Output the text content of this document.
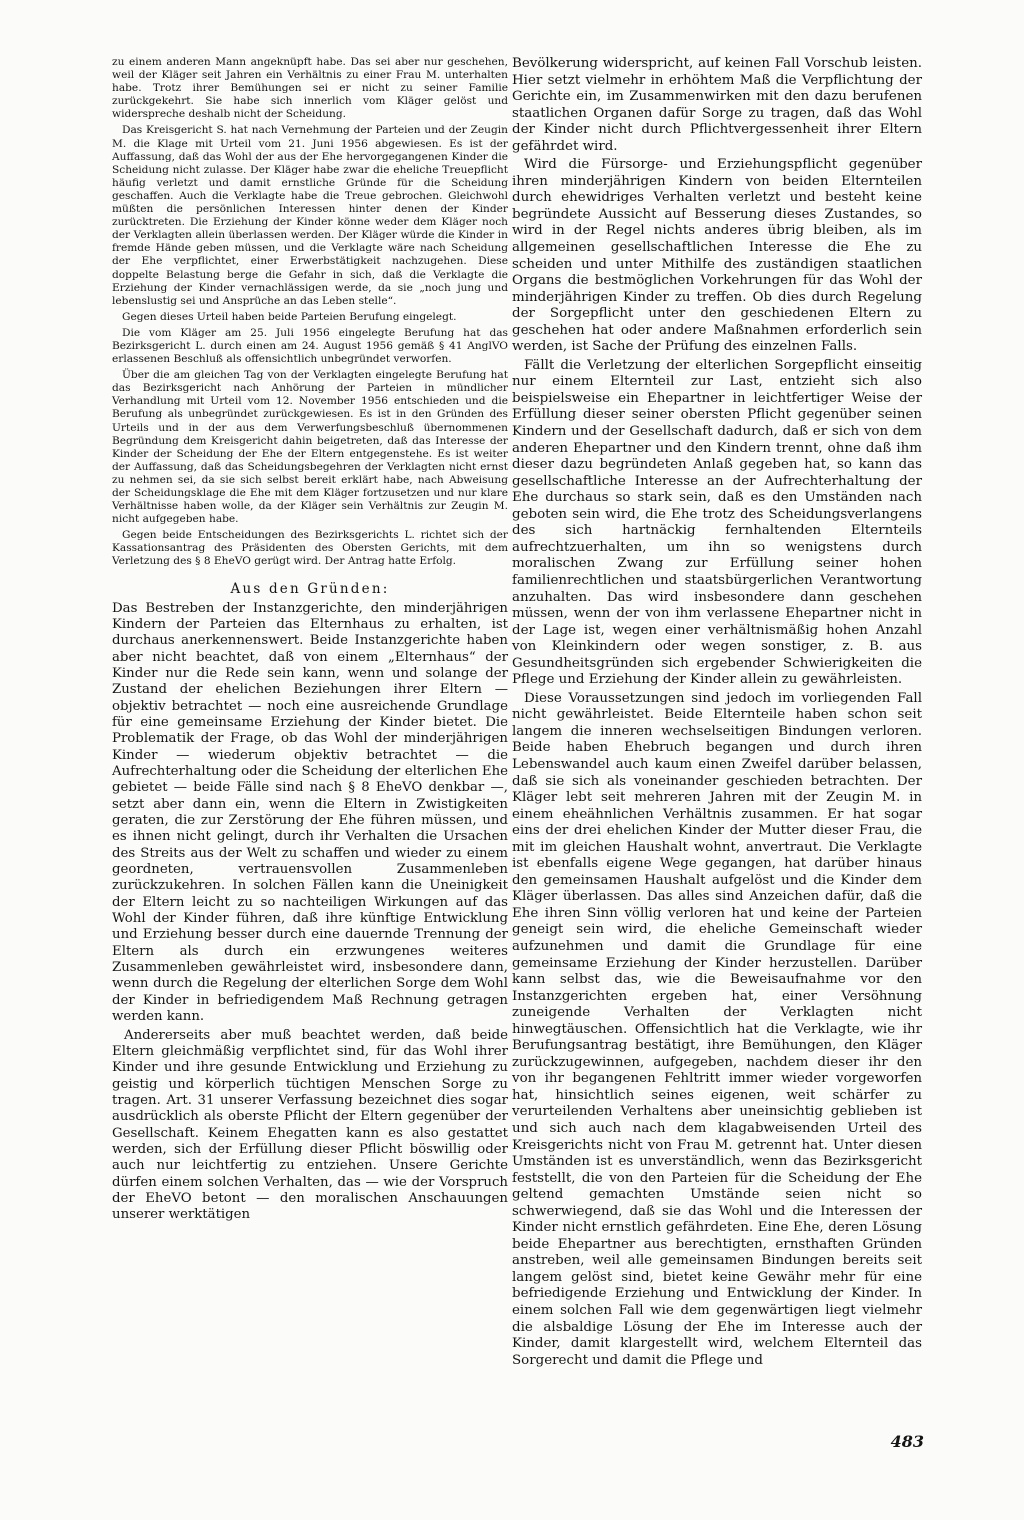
zu einem anderen Mann angeknüpft habe. Das sei aber nur geschehen, weil der Kläger seit Jahren ein Verhältnis zu einer Frau M. unterhalten habe. Trotz ihrer Bemühungen sei er nicht zu seiner Familie zurückgekehrt. Sie habe sich innerlich vom Kläger gelöst und widerspreche deshalb nicht der Scheidung.

Das Kreisgericht S. hat nach Vernehmung der Parteien und der Zeugin M. die Klage mit Urteil vom 21. Juni 1956 abgewiesen. Es ist der Auffassung, daß das Wohl der aus der Ehe hervorgegangenen Kinder die Scheidung nicht zulasse. Der Kläger habe zwar die eheliche Treuepflicht häufig verletzt und damit ernstliche Gründe für die Scheidung geschaffen. Auch die Verklagte habe die Treue gebrochen. Gleichwohl müßten die persönlichen Interessen hinter denen der Kinder zurücktreten. Die Erziehung der Kinder könne weder dem Kläger noch der Verklagten allein überlassen werden. Der Kläger würde die Kinder in fremde Hände geben müssen, und die Verklagte wäre nach Scheidung der Ehe verpflichtet, einer Erwerbstätigkeit nachzugehen. Diese doppelte Belastung berge die Gefahr in sich, daß die Verklagte die Erziehung der Kinder vernachlässigen werde, da sie „noch jung und lebenslustig sei und Ansprüche an das Leben stelle“.

Gegen dieses Urteil haben beide Parteien Berufung eingelegt.

Die vom Kläger am 25. Juli 1956 eingelegte Berufung hat das Bezirksgericht L. durch einen am 24. August 1956 gemäß § 41 AnglVO erlassenen Beschluß als offensichtlich unbegründet verworfen.

Über die am gleichen Tag von der Verklagten eingelegte Berufung hat das Bezirksgericht nach Anhörung der Parteien in mündlicher Verhandlung mit Urteil vom 12. November 1956 entschieden und die Berufung als unbegründet zurückgewiesen. Es ist in den Gründen des Urteils und in der aus dem Verwerfungsbeschluß übernommenen Begründung dem Kreisgericht dahin beigetreten, daß das Interesse der Kinder der Scheidung der Ehe der Eltern entgegenstehe. Es ist weiter der Auffassung, daß das Scheidungsbegehren der Verklagten nicht ernst zu nehmen sei, da sie sich selbst bereit erklärt habe, nach Abweisung der Scheidungsklage die Ehe mit dem Kläger fortzusetzen und nur klare Verhältnisse haben wolle, da der Kläger sein Verhältnis zur Zeugin M. nicht aufgegeben habe.

Gegen beide Entscheidungen des Bezirksgerichts L. richtet sich der Kassationsantrag des Präsidenten des Obersten Gerichts, mit dem Verletzung des § 8 EheVO gerügt wird. Der Antrag hatte Erfolg.

Aus den Gründen:

Das Bestreben der Instanzgerichte, den minderjährigen Kindern der Parteien das Elternhaus zu erhalten, ist durchaus anerkennenswert. Beide Instanzgerichte haben aber nicht beachtet, daß von einem „Elternhaus“ der Kinder nur die Rede sein kann, wenn und solange der Zustand der ehelichen Beziehungen ihrer Eltern — objektiv betrachtet — noch eine ausreichende Grundlage für eine gemeinsame Erziehung der Kinder bietet. Die Problematik der Frage, ob das Wohl der minderjährigen Kinder — wiederum objektiv betrachtet — die Aufrechterhaltung oder die Scheidung der elterlichen Ehe gebietet — beide Fälle sind nach § 8 EheVO denkbar —, setzt aber dann ein, wenn die Eltern in Zwistigkeiten geraten, die zur Zerstörung der Ehe führen müssen, und es ihnen nicht gelingt, durch ihr Verhalten die Ursachen des Streits aus der Welt zu schaffen und wieder zu einem geordneten, vertrauensvollen Zusammenleben zurückzukehren. In solchen Fällen kann die Uneinigkeit der Eltern leicht zu so nachteiligen Wirkungen auf das Wohl der Kinder führen, daß ihre künftige Entwicklung und Erziehung besser durch eine dauernde Trennung der Eltern als durch ein erzwungenes weiteres Zusammenleben gewährleistet wird, insbesondere dann, wenn durch die Regelung der elterlichen Sorge dem Wohl der Kinder in befriedigendem Maß Rechnung getragen werden kann.

Andererseits aber muß beachtet werden, daß beide Eltern gleichmäßig verpflichtet sind, für das Wohl ihrer Kinder und ihre gesunde Entwicklung und Erziehung zu geistig und körperlich tüchtigen Menschen Sorge zu tragen. Art. 31 unserer Verfassung bezeichnet dies sogar ausdrücklich als oberste Pflicht der Eltern gegenüber der Gesellschaft. Keinem Ehegatten kann es also gestattet werden, sich der Erfüllung dieser Pflicht böswillig oder auch nur leichtfertig zu entziehen. Unsere Gerichte dürfen einem solchen Verhalten, das — wie der Vorspruch der EheVO betont — den moralischen Anschauungen unserer werktätigen

Bevölkerung widerspricht, auf keinen Fall Vorschub leisten. Hier setzt vielmehr in erhöhtem Maß die Verpflichtung der Gerichte ein, im Zusammenwirken mit den dazu berufenen staatlichen Organen dafür Sorge zu tragen, daß das Wohl der Kinder nicht durch Pflichtvergessenheit ihrer Eltern gefährdet wird.

Wird die Fürsorge- und Erziehungspflicht gegenüber ihren minderjährigen Kindern von beiden Elternteilen durch ehewidriges Verhalten verletzt und besteht keine begründete Aussicht auf Besserung dieses Zustandes, so wird in der Regel nichts anderes übrig bleiben, als im allgemeinen gesellschaftlichen Interesse die Ehe zu scheiden und unter Mithilfe des zuständigen staatlichen Organs die bestmöglichen Vorkehrungen für das Wohl der minderjährigen Kinder zu treffen. Ob dies durch Regelung der Sorgepflicht unter den geschiedenen Eltern zu geschehen hat oder andere Maßnahmen erforderlich sein werden, ist Sache der Prüfung des einzelnen Falls.

Fällt die Verletzung der elterlichen Sorgepflicht einseitig nur einem Elternteil zur Last, entzieht sich also beispielsweise ein Ehepartner in leichtfertiger Weise der Erfüllung dieser seiner obersten Pflicht gegenüber seinen Kindern und der Gesellschaft dadurch, daß er sich von dem anderen Ehepartner und den Kindern trennt, ohne daß ihm dieser dazu begründeten Anlaß gegeben hat, so kann das gesellschaftliche Interesse an der Aufrechterhaltung der Ehe durchaus so stark sein, daß es den Umständen nach geboten sein wird, die Ehe trotz des Scheidungsverlangens des sich hartnäckig fernhaltenden Elternteils aufrechtzuerhalten, um ihn so wenigstens durch moralischen Zwang zur Erfüllung seiner hohen familienrechtlichen und staatsbürgerlichen Verantwortung anzuhalten. Das wird insbesondere dann geschehen müssen, wenn der von ihm verlassene Ehepartner nicht in der Lage ist, wegen einer verhältnismäßig hohen Anzahl von Kleinkindern oder wegen sonstiger, z. B. aus Gesundheitsgründen sich ergebender Schwierigkeiten die Pflege und Erziehung der Kinder allein zu gewährleisten.

Diese Voraussetzungen sind jedoch im vorliegenden Fall nicht gewährleistet. Beide Elternteile haben schon seit langem die inneren wechselseitigen Bindungen verloren. Beide haben Ehebruch begangen und durch ihren Lebenswandel auch kaum einen Zweifel darüber belassen, daß sie sich als voneinander geschieden betrachten. Der Kläger lebt seit mehreren Jahren mit der Zeugin M. in einem eheähnlichen Verhältnis zusammen. Er hat sogar eins der drei ehelichen Kinder der Mutter dieser Frau, die mit im gleichen Haushalt wohnt, anvertraut. Die Verklagte ist ebenfalls eigene Wege gegangen, hat darüber hinaus den gemeinsamen Haushalt aufgelöst und die Kinder dem Kläger überlassen. Das alles sind Anzeichen dafür, daß die Ehe ihren Sinn völlig verloren hat und keine der Parteien geneigt sein wird, die eheliche Gemeinschaft wieder aufzunehmen und damit die Grundlage für eine gemeinsame Erziehung der Kinder herzustellen. Darüber kann selbst das, wie die Beweisaufnahme vor den Instanzgerichten ergeben hat, einer Versöhnung zuneigende Verhalten der Verklagten nicht hinwegtäuschen. Offensichtlich hat die Verklagte, wie ihr Berufungsantrag bestätigt, ihre Bemühungen, den Kläger zurückzugewinnen, aufgegeben, nachdem dieser ihr den von ihr begangenen Fehltritt immer wieder vorgeworfen hat, hinsichtlich seines eigenen, weit schärfer zu verurteilenden Verhaltens aber uneinsichtig geblieben ist und sich auch nach dem klagabweisenden Urteil des Kreisgerichts nicht von Frau M. getrennt hat. Unter diesen Umständen ist es unverständlich, wenn das Bezirksgericht feststellt, die von den Parteien für die Scheidung der Ehe geltend gemachten Umstände seien nicht so schwerwiegend, daß sie das Wohl und die Interessen der Kinder nicht ernstlich gefährdeten. Eine Ehe, deren Lösung beide Ehepartner aus berechtigten, ernsthaften Gründen anstreben, weil alle gemeinsamen Bindungen bereits seit langem gelöst sind, bietet keine Gewähr mehr für eine befriedigende Erziehung und Entwicklung der Kinder. In einem solchen Fall wie dem gegenwärtigen liegt vielmehr die alsbaldige Lösung der Ehe im Interesse auch der Kinder, damit klargestellt wird, welchem Elternteil das Sorgerecht und damit die Pflege und

483
